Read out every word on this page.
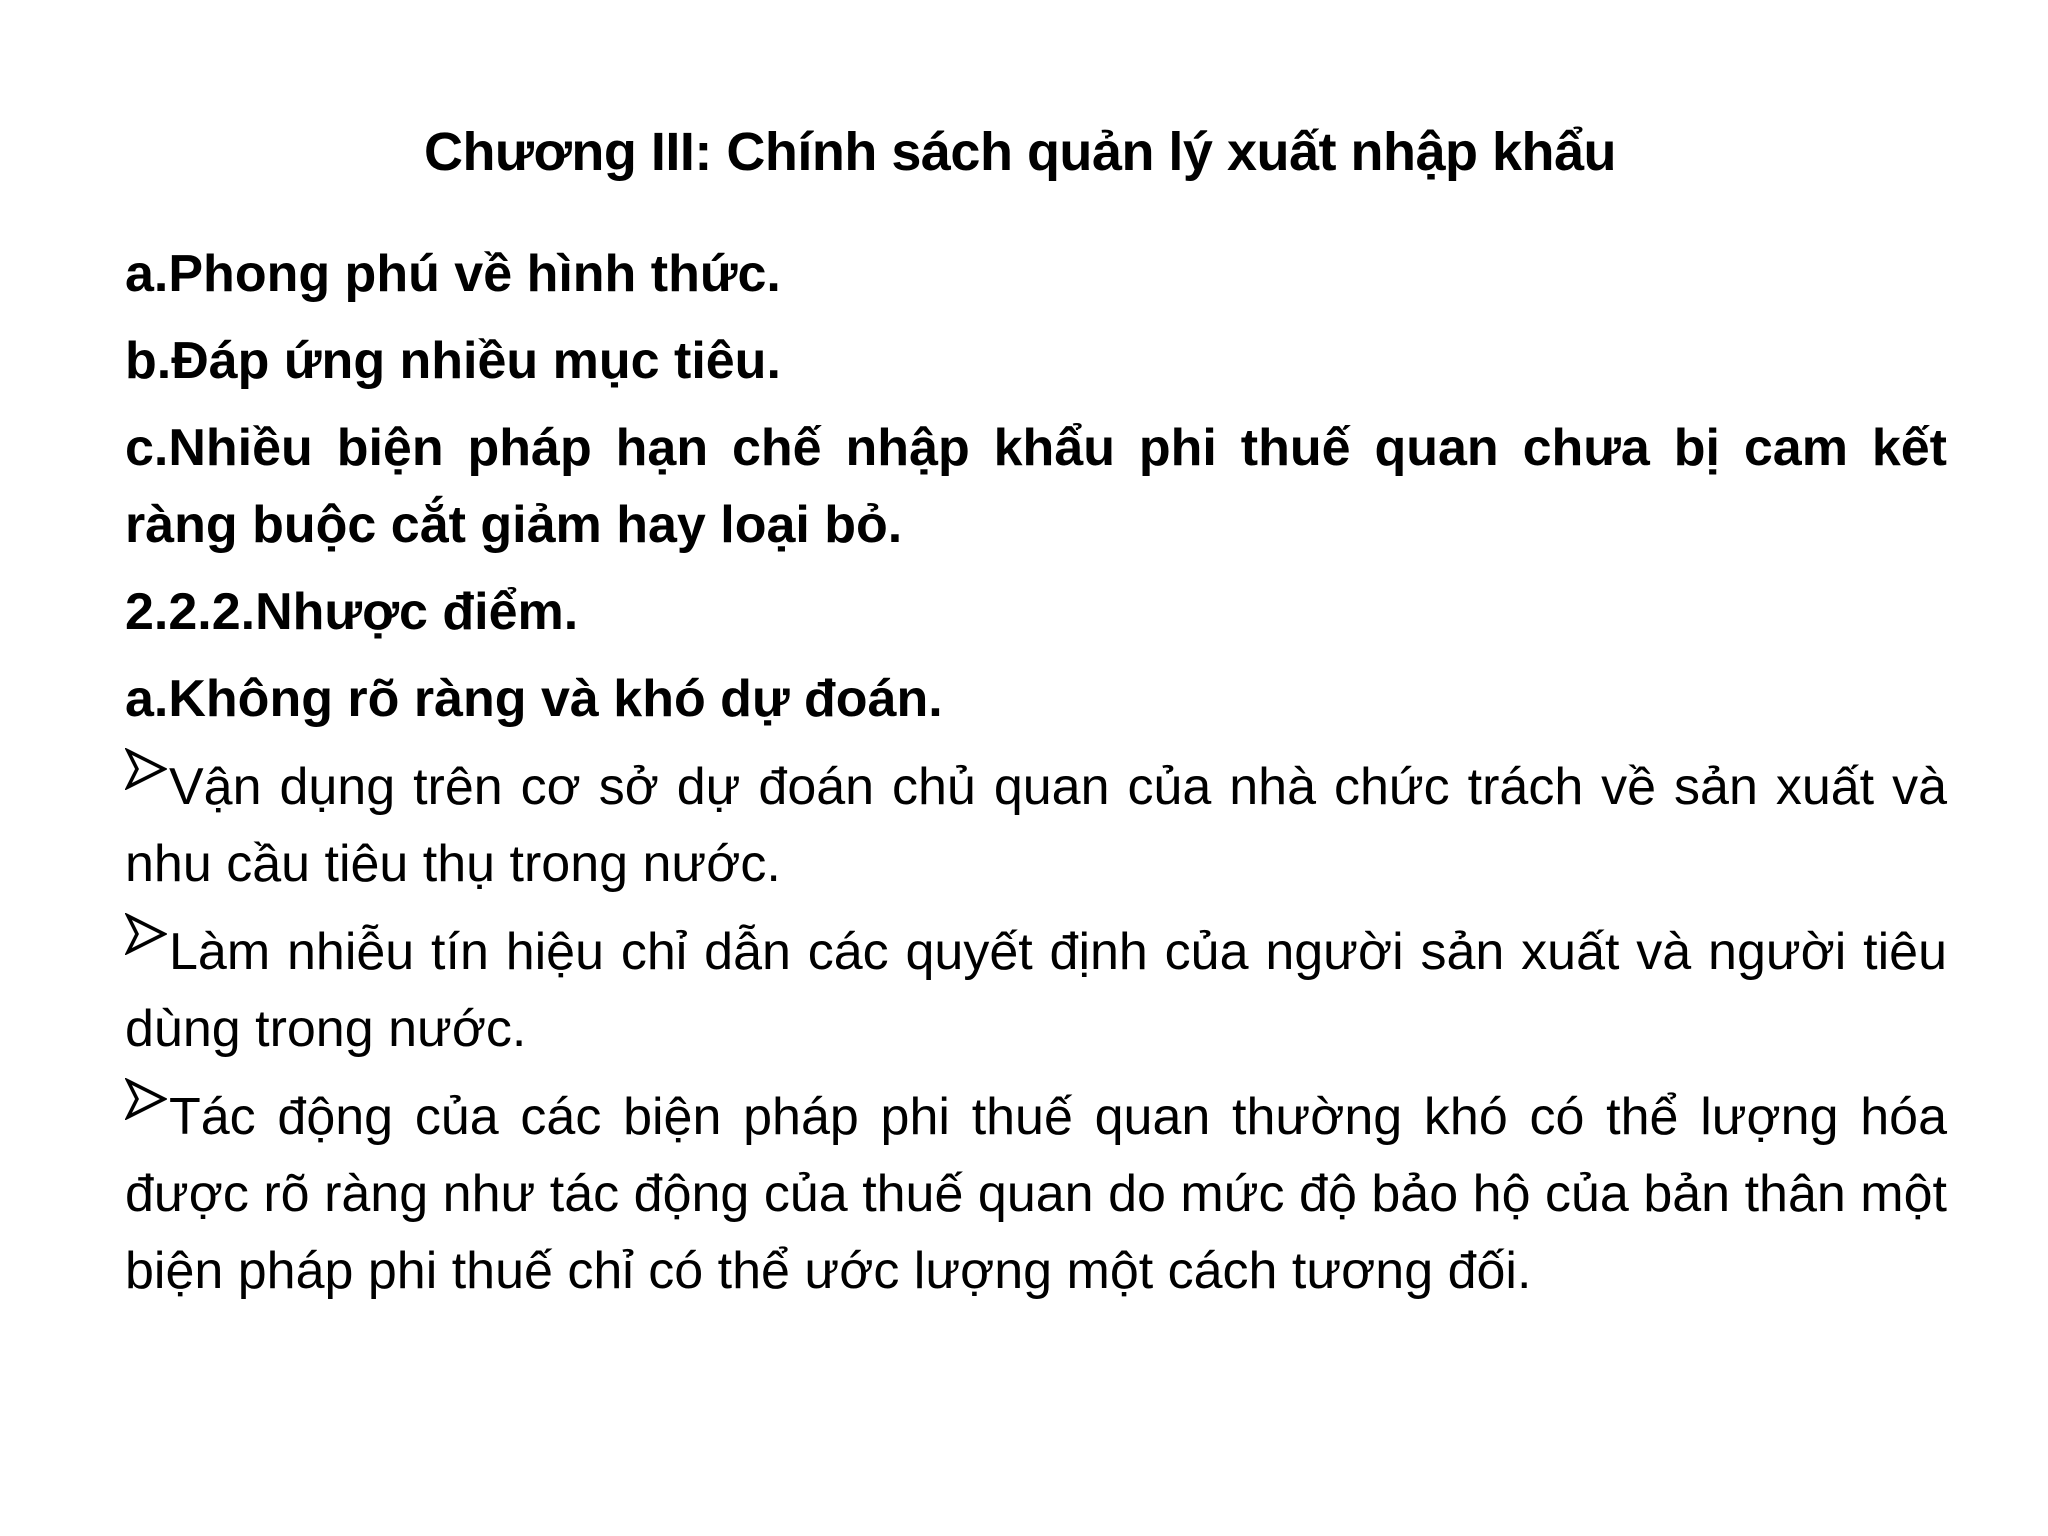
Chương III: Chính sách quản lý xuất nhập khẩu

a.Phong phú về hình thức.

b.Đáp ứng nhiều mục tiêu.

c.Nhiều biện pháp hạn chế nhập khẩu phi thuế quan chưa bị cam kết ràng buộc cắt giảm hay loại bỏ.

2.2.2.Nhược điểm.

a.Không rõ ràng và khó dự đoán.

Vận dụng trên cơ sở dự đoán chủ quan của nhà chức trách về sản xuất và nhu cầu tiêu thụ trong nước.

Làm nhiễu tín hiệu chỉ dẫn các quyết định của người sản xuất và người tiêu dùng trong nước.

Tác động của các biện pháp phi thuế quan thường khó có thể lượng hóa được rõ ràng như tác động của thuế quan do mức độ bảo hộ của bản thân một biện pháp phi thuế chỉ có thể ước lượng một cách tương đối.
